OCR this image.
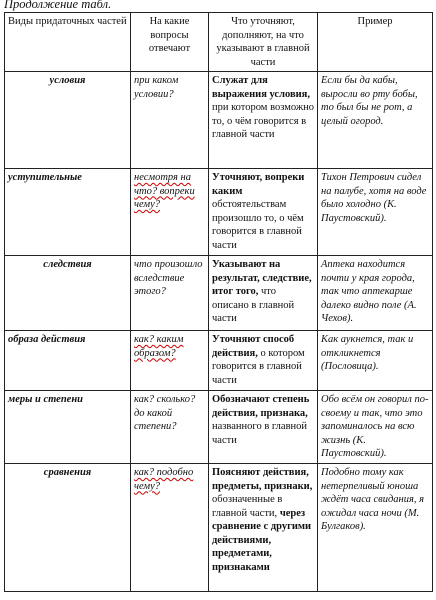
Продолжение табл.
Виды придаточных частей	На какие вопросы отвечают	Что уточняют, дополняют, на что указывают в главной части	Пример
условия	при каком условии?	Служат для выражения условия, при котором возможно то, о чём говорится в главной части	Если бы да кабы, выросли во рту бобы, то был бы не рот, а целый огород.
уступительные	несмотря на что? вопреки чему?	Уточняют, вопреки каким обстоятельствам произошло то, о чём говорится в главной части	Тихон Петрович сидел на палубе, хотя на воде было холодно (К. Паустовский).
следствия	что произошло вследствие этого?	Указывают на результат, следствие, итог того, что описано в главной части	Аптека находится почти у края города, так что аптекарше далеко видно поле (А. Чехов).
образа действия	как? каким образом?	Уточняют способ действия, о котором говорится в главной части	Как аукнется, так и откликнется (Пословица).
меры и степени	как? сколько? до какой степени?	Обозначают степень действия, признака, названного в главной части	Обо всём он говорил по-своему и так, что это запоминалось на всю жизнь (К. Паустовский).
сравнения	как? подобно чему?	Поясняют действия, предметы, признаки, обозначенные в главной части, через сравнение с другими действиями, предметами, признаками	Подобно тому как нетерпеливый юноша ждёт часа свидания, я ожидал часа ночи (М. Булгаков).
